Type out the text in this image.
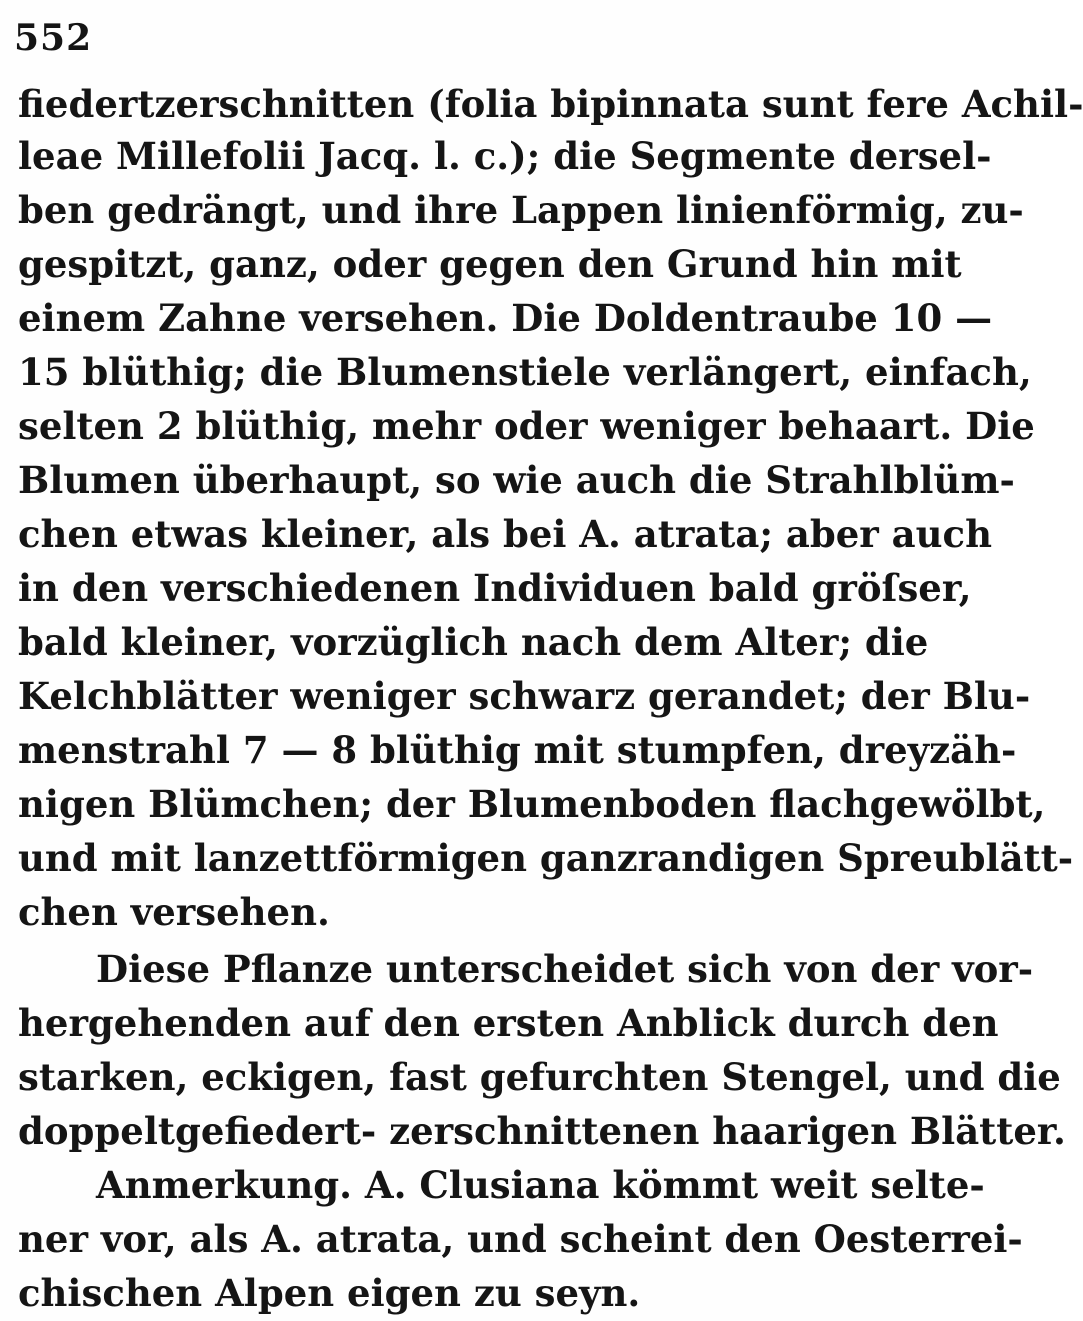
552
fiedertzerschnitten (folia bipinnata sunt fere Achil-
leae Millefolii Jacq. l. c.); die Segmente dersel-
ben gedrängt, und ihre Lappen linienförmig, zu-
gespitzt, ganz, oder gegen den Grund hin mit
einem Zahne versehen. Die Doldentraube 10 —
15 blüthig; die Blumenstiele verlängert, einfach,
selten 2 blüthig, mehr oder weniger behaart. Die
Blumen überhaupt, so wie auch die Strahlblüm-
chen etwas kleiner, als bei A. atrata; aber auch
in den verschiedenen Individuen bald gröſser,
bald kleiner, vorzüglich nach dem Alter; die
Kelchblätter weniger schwarz gerandet; der Blu-
menstrahl 7 — 8 blüthig mit stumpfen, dreyzäh-
nigen Blümchen; der Blumenboden flachgewölbt,
und mit lanzettförmigen ganzrandigen Spreublätt-
chen versehen.
Diese Pflanze unterscheidet sich von der vor-
hergehenden auf den ersten Anblick durch den
starken, eckigen, fast gefurchten Stengel, und die
doppeltgefiedert- zerschnittenen haarigen Blätter.
Anmerkung. A. Clusiana kömmt weit selte-
ner vor, als A. atrata, und scheint den Oesterrei-
chischen Alpen eigen zu seyn.
